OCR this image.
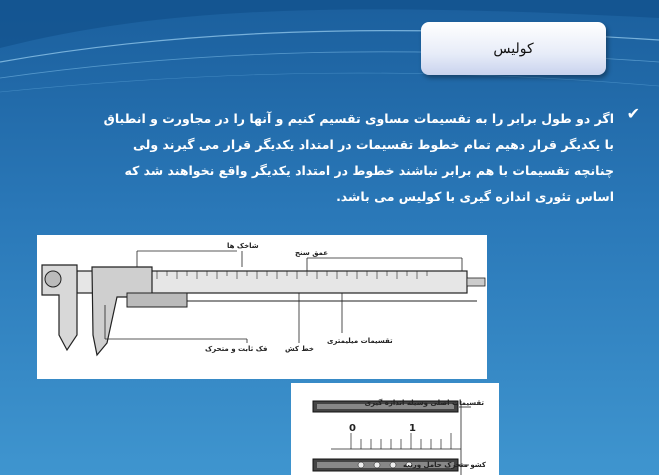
کولیس
✔
اگر دو طول برابر را به تقسیمات مساوی تقسیم کنیم و آنها را در مجاورت و انطباق
با یکدیگر قرار دهیم تمام خطوط تقسیمات در امتداد یکدیگر قرار می گیرند ولی
چنانچه تقسیمات با هم برابر نباشند خطوط در امتداد یکدیگر واقع نخواهند شد که
اساس تئوری اندازه گیری با کولیس می باشد.
شاخک ها
عمق سنج
فک ثابت و متحرک	خط کش
تقسیمات میلیمتری
تقسیمات اصلی وسیله اندازه گیری
0	1
کشو متحرک حامل ورنیه
